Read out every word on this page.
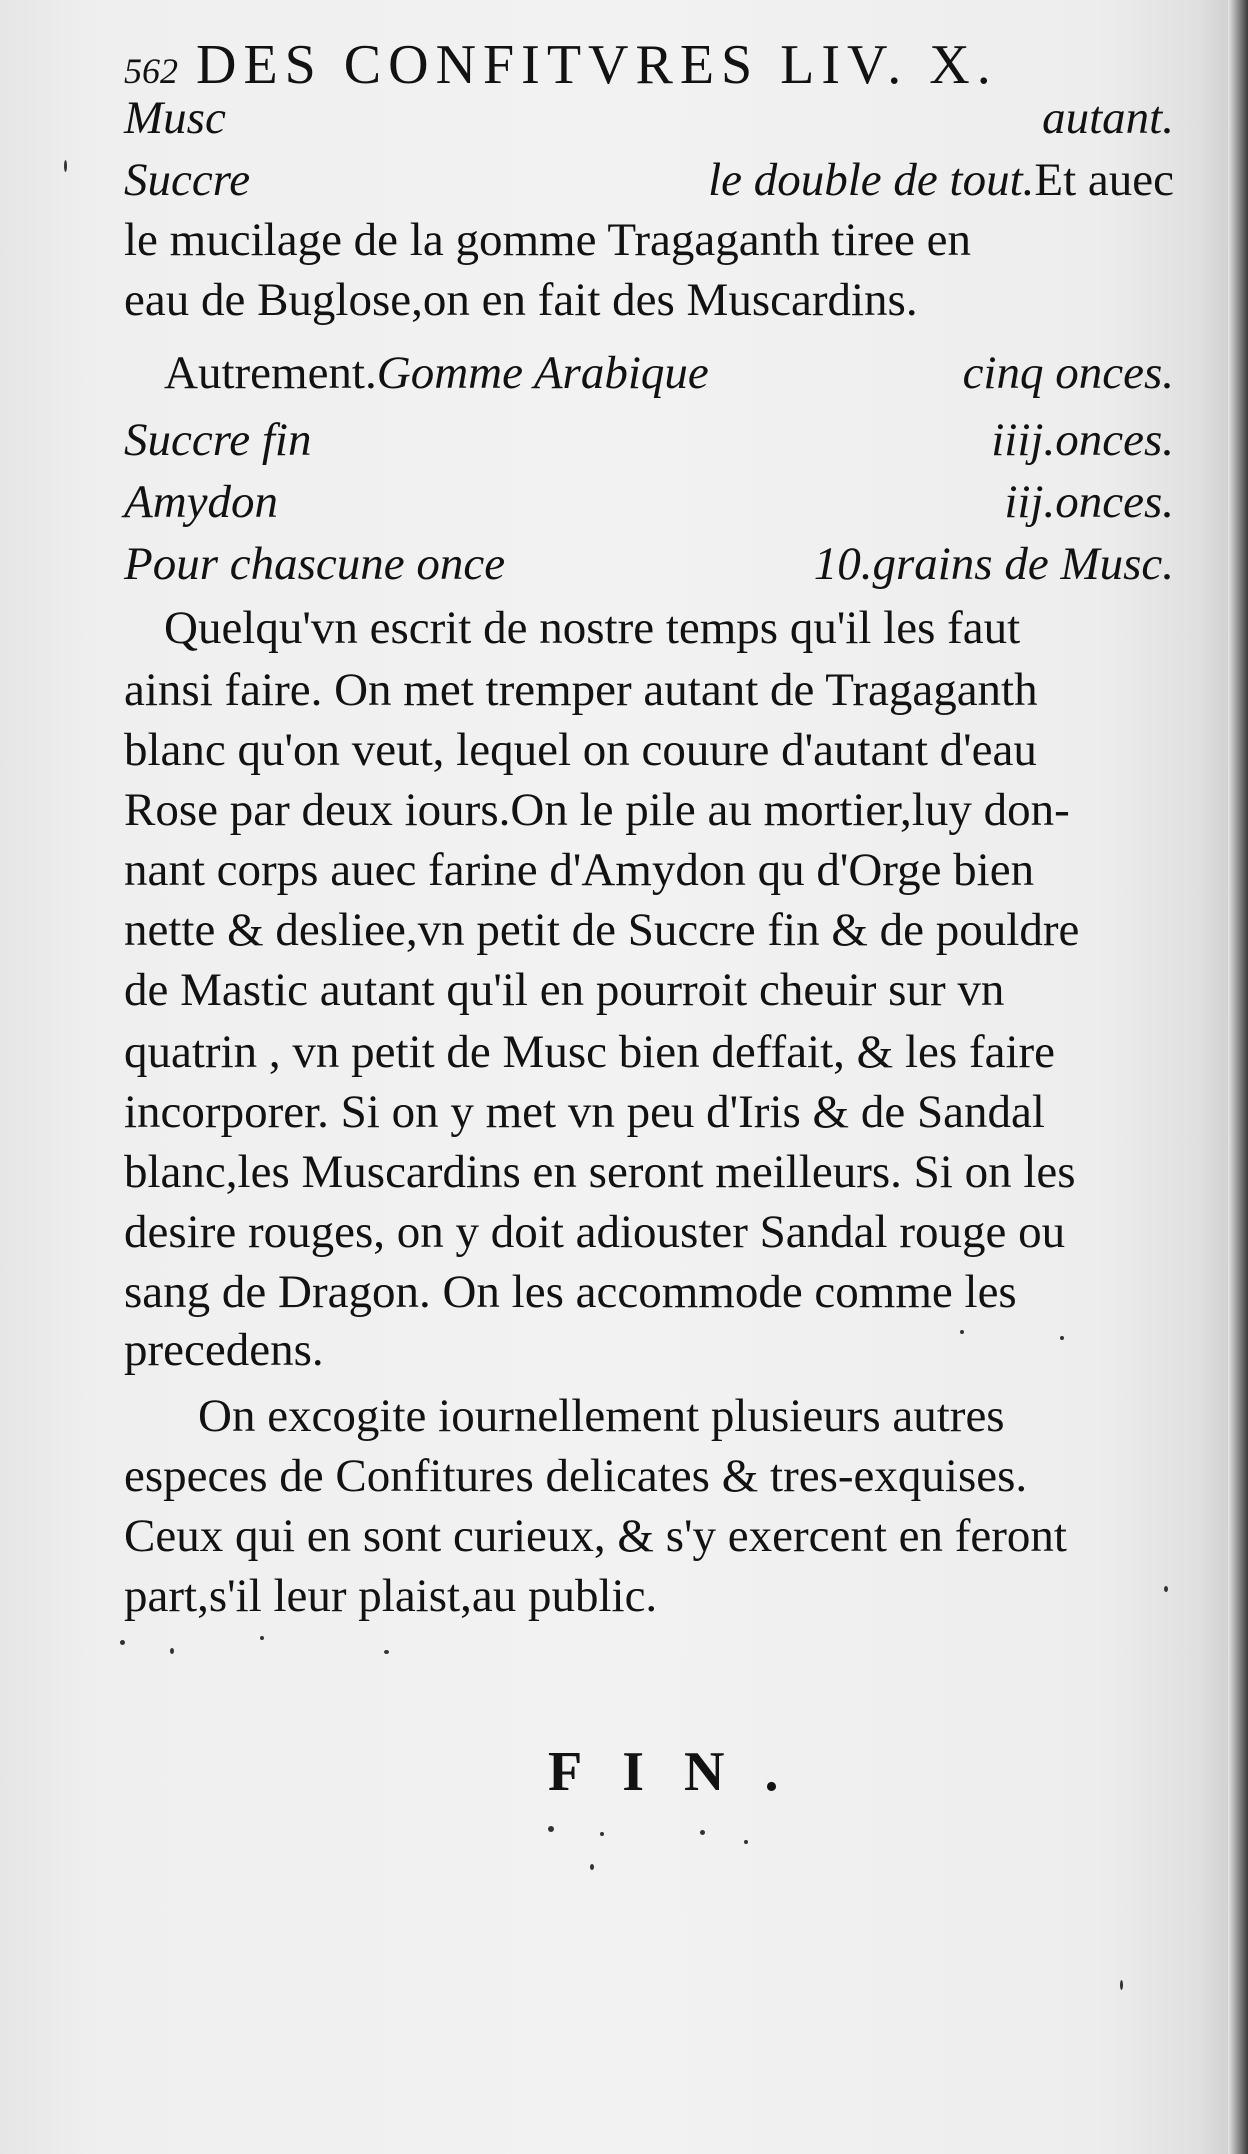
562 DES CONFITVRES LIV. X.
Musc	autant.
Succre	le double de tout.Et auec
le mucilage de la gomme Tragaganth tiree en
eau de Buglose,on en fait des Muscardins.
Autrement.Gomme Arabique	cinq onces.
Succre fin	iiij.onces.
Amydon	iij.onces.
Pour chascune once	10.grains de Musc.
Quelqu'vn escrit de nostre temps qu'il les faut
ainsi faire. On met tremper autant de Tragaganth
blanc qu'on veut, lequel on couure d'autant d'eau
Rose par deux iours.On le pile au mortier,luy don-
nant corps auec farine d'Amydon qu d'Orge bien
nette & desliee,vn petit de Succre fin & de pouldre
de Mastic autant qu'il en pourroit cheuir sur vn
quatrin , vn petit de Musc bien deffait, & les faire
incorporer. Si on y met vn peu d'Iris & de Sandal
blanc,les Muscardins en seront meilleurs. Si on les
desire rouges, on y doit adiouster Sandal rouge ou
sang de Dragon. On les accommode comme les
precedens.
On excogite iournellement plusieurs autres
especes de Confitures delicates & tres-exquises.
Ceux qui en sont curieux, & s'y exercent en feront
part,s'il leur plaist,au public.
FIN.
